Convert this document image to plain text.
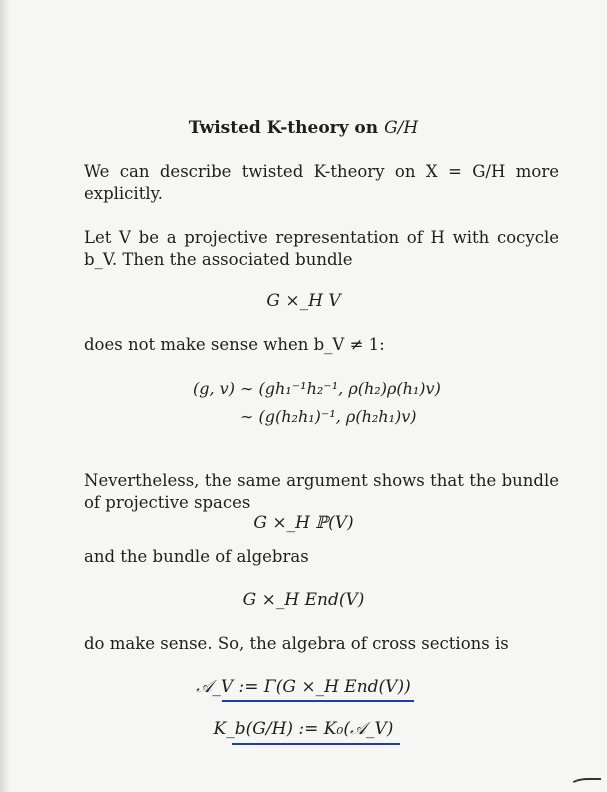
Twisted K-theory on G/H
We can describe twisted K-theory on X = G/H more explicitly.
Let V be a projective representation of H with cocycle b_V. Then the associated bundle
G ×_H V
does not make sense when b_V ≠ 1:
(g, v) ∼ (gh₁⁻¹h₂⁻¹, ρ(h₂)ρ(h₁)v)
∼ (g(h₂h₁)⁻¹, ρ(h₂h₁)v)
Nevertheless, the same argument shows that the bundle of projective spaces
G ×_H ℙ(V)
and the bundle of algebras
G ×_H End(V)
do make sense. So, the algebra of cross sections is
𝒜_V := Γ(G ×_H End(V))
K_b(G/H) := K₀(𝒜_V)
